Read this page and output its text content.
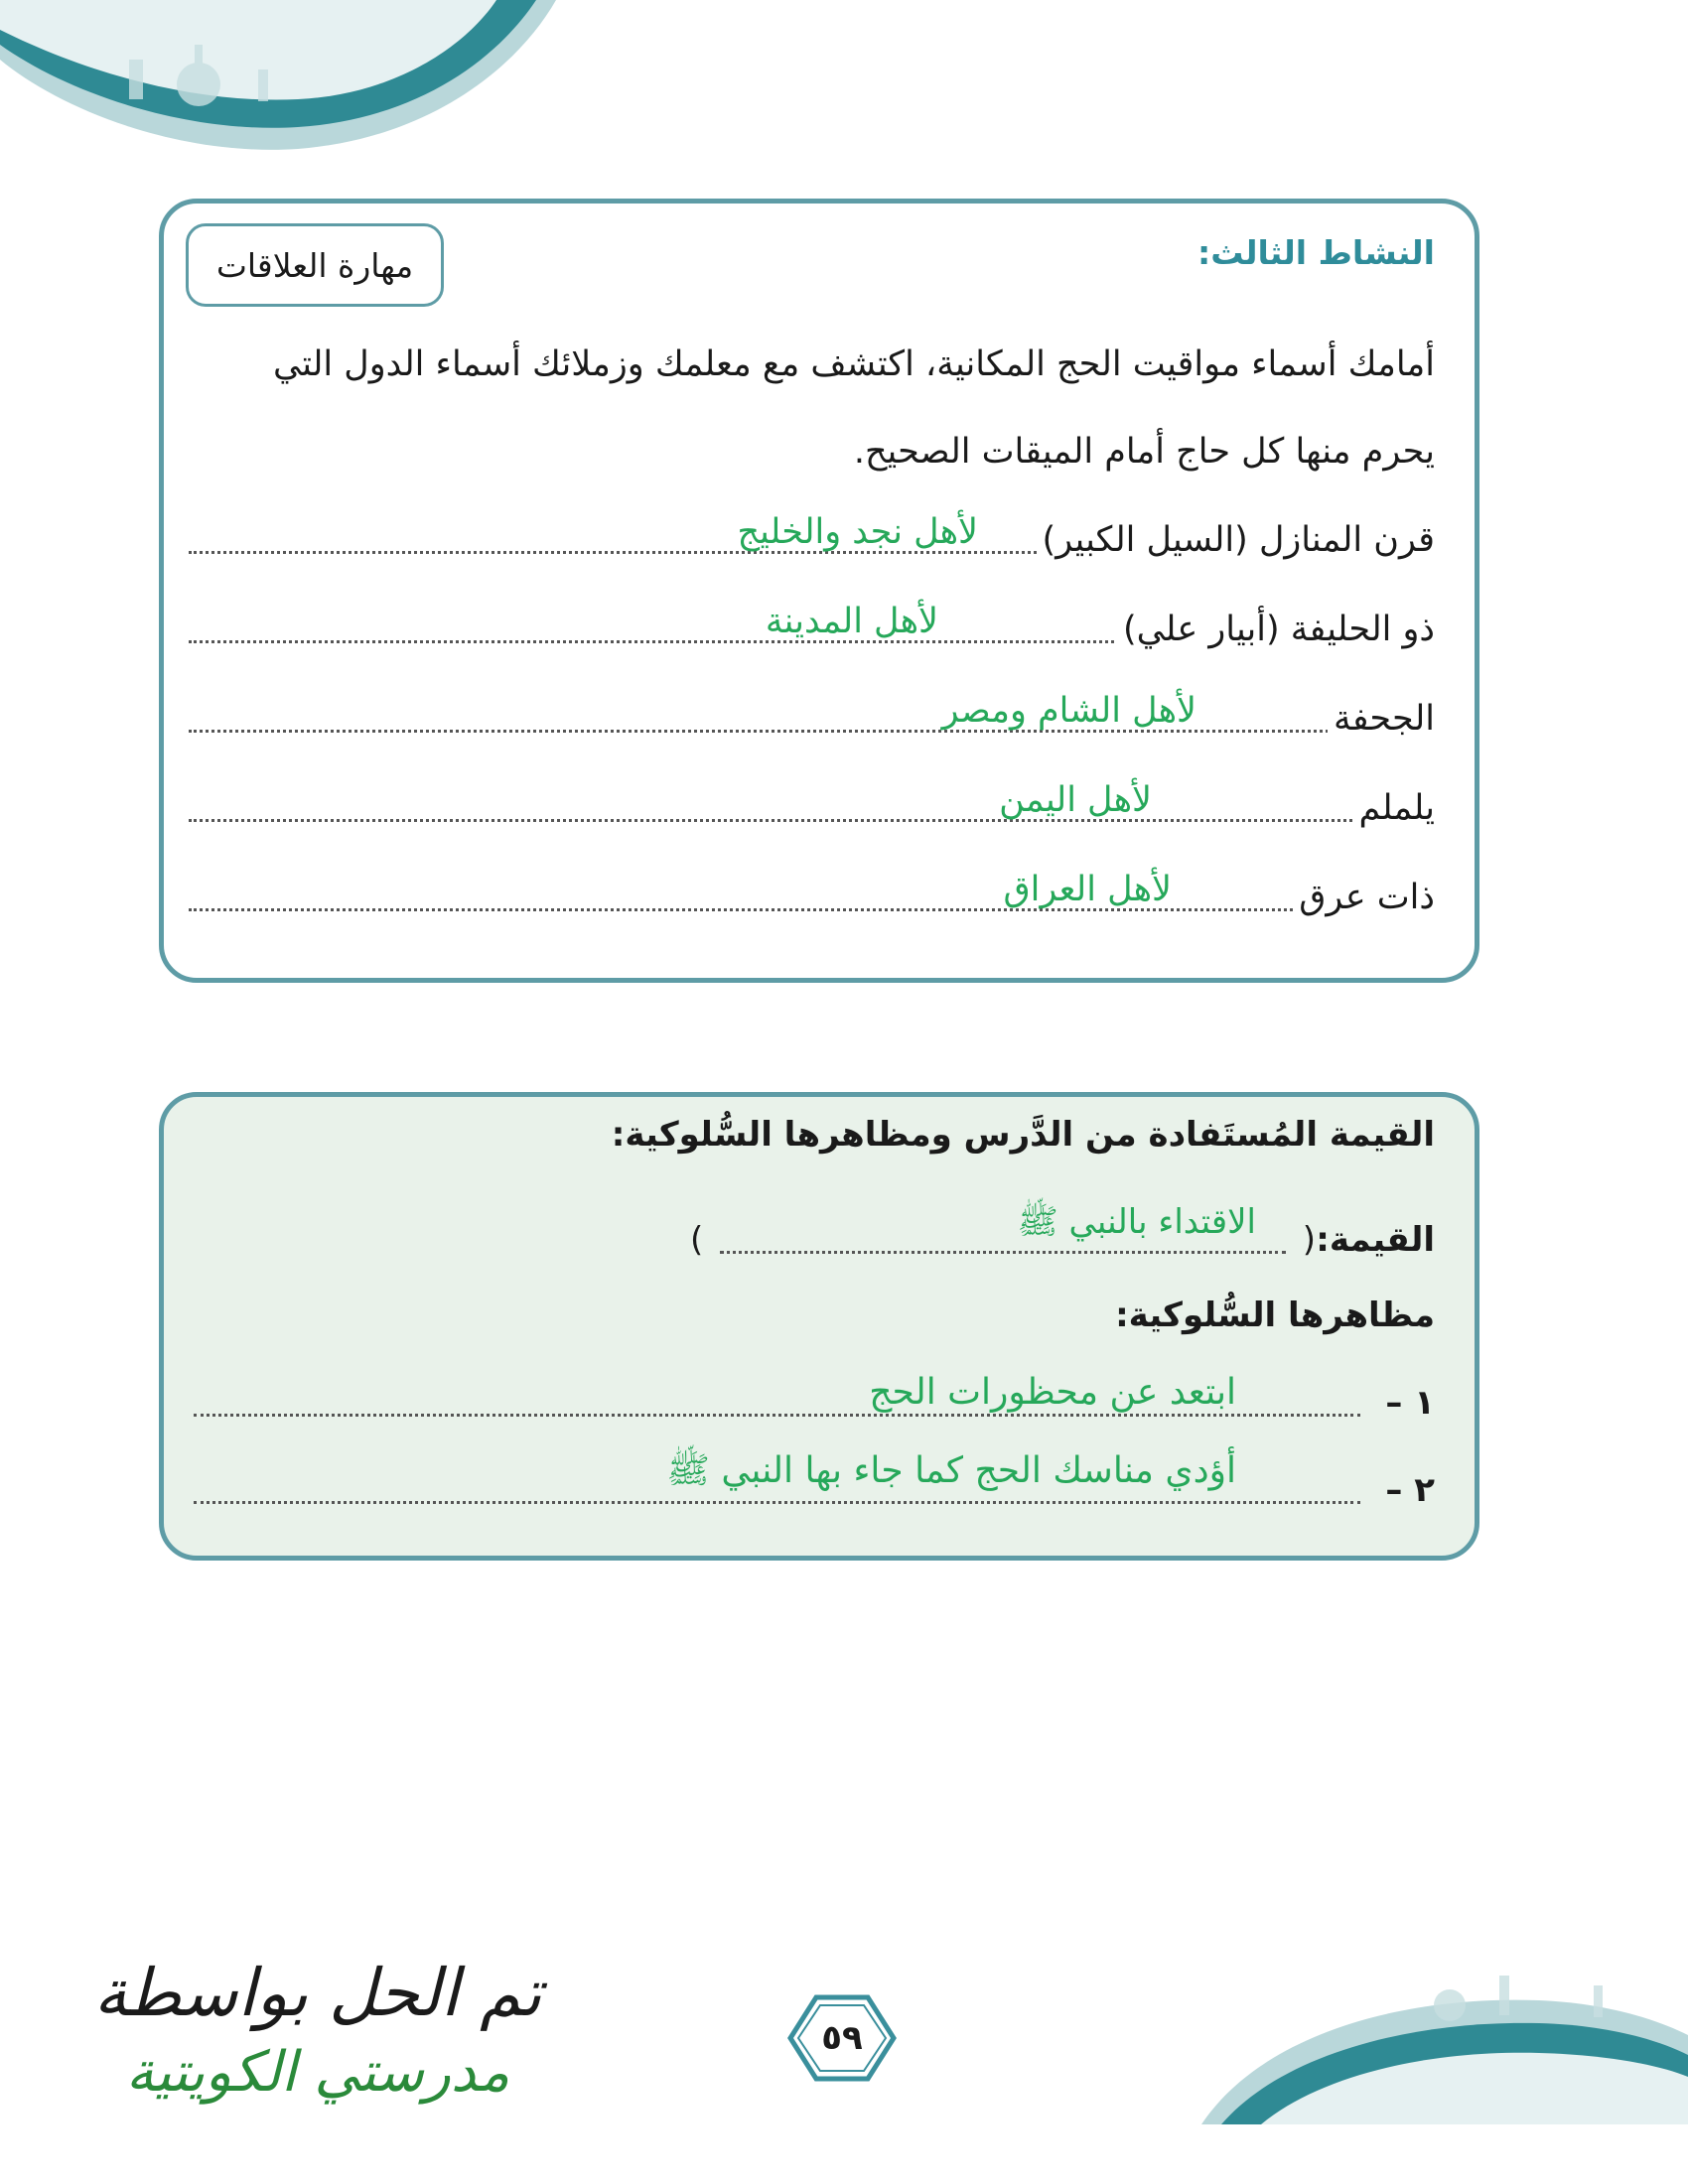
النشاط الثالث:
مهارة العلاقات

أمامك أسماء مواقيت الحج المكانية، اكتشف مع معلمك وزملائك أسماء الدول التي يحرم منها كل حاج أمام الميقات الصحيح.

قرن المنازل (السيل الكبير)
لأهل نجد والخليج
ذو الحليفة (أبيار علي)
لأهل المدينة
الجحفة
لأهل الشام ومصر
يلملم
لأهل اليمن
ذات عرق
لأهل العراق
القيمة المُستَفادة من الدَّرس ومظاهرها السُّلوكية:
القيمة:
(
الاقتداء بالنبي ﷺ
)
مظاهرها السُّلوكية:
١ –
ابتعد عن محظورات الحج
٢ –
أؤدي مناسك الحج كما جاء بها النبي ﷺ
تم الحل بواسطة
مدرستي الكويتية
٥٩
